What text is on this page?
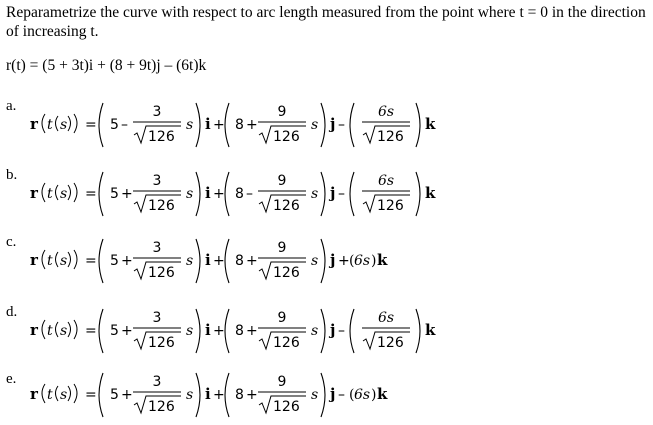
Reparametrize the curve with respect to arc length measured from the point where t = 0 in the direction of increasing t.
r(t) = (5 + 3t)i + (8 + 9t)j – (6t)k
a.
r t s = 5 –
3
126
s i + 8 +
9
126
s j –
6s
126
k
b.
r t s = 5 +
3
126
s i + 8 –
9
126
s j –
6s
126
k
c.
r t s = 5 +
3
126
s i + 8 +
9
126
s j + ( 6s ) k
d.
r t s = 5 +
3
126
s i + 8 +
9
126
s j –
6s
126
k
e.
r t s = 5 +
3
126
s i + 8 +
9
126
s j – ( 6s ) k
